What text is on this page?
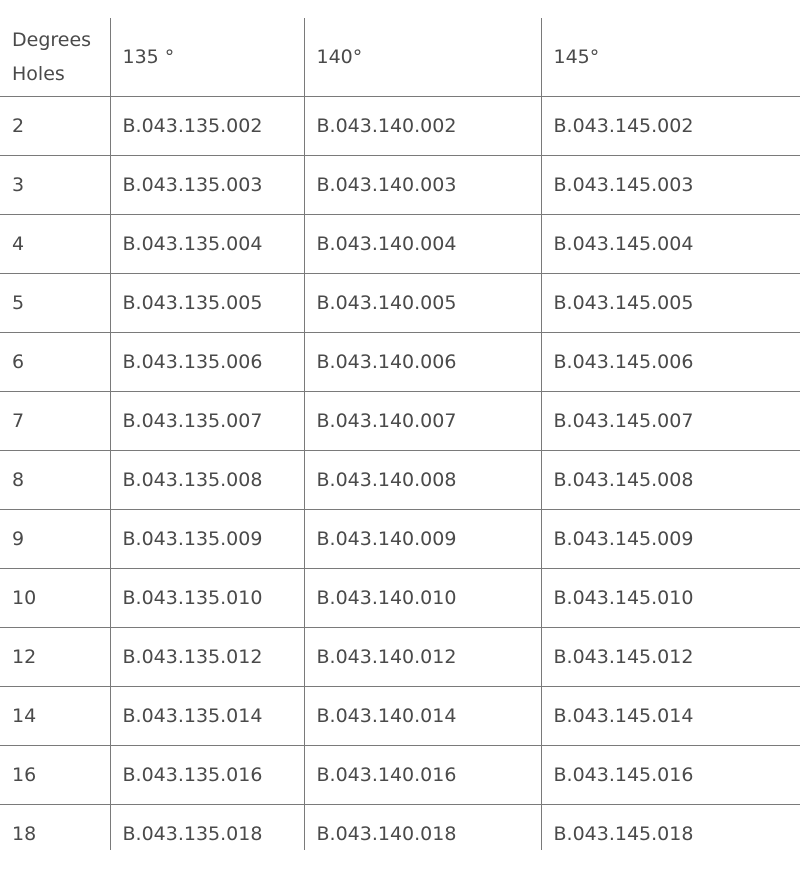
Degrees
Holes	135 °	140°	145°
2	B.043.135.002	B.043.140.002	B.043.145.002
3	B.043.135.003	B.043.140.003	B.043.145.003
4	B.043.135.004	B.043.140.004	B.043.145.004
5	B.043.135.005	B.043.140.005	B.043.145.005
6	B.043.135.006	B.043.140.006	B.043.145.006
7	B.043.135.007	B.043.140.007	B.043.145.007
8	B.043.135.008	B.043.140.008	B.043.145.008
9	B.043.135.009	B.043.140.009	B.043.145.009
10	B.043.135.010	B.043.140.010	B.043.145.010
12	B.043.135.012	B.043.140.012	B.043.145.012
14	B.043.135.014	B.043.140.014	B.043.145.014
16	B.043.135.016	B.043.140.016	B.043.145.016
18	B.043.135.018	B.043.140.018	B.043.145.018
